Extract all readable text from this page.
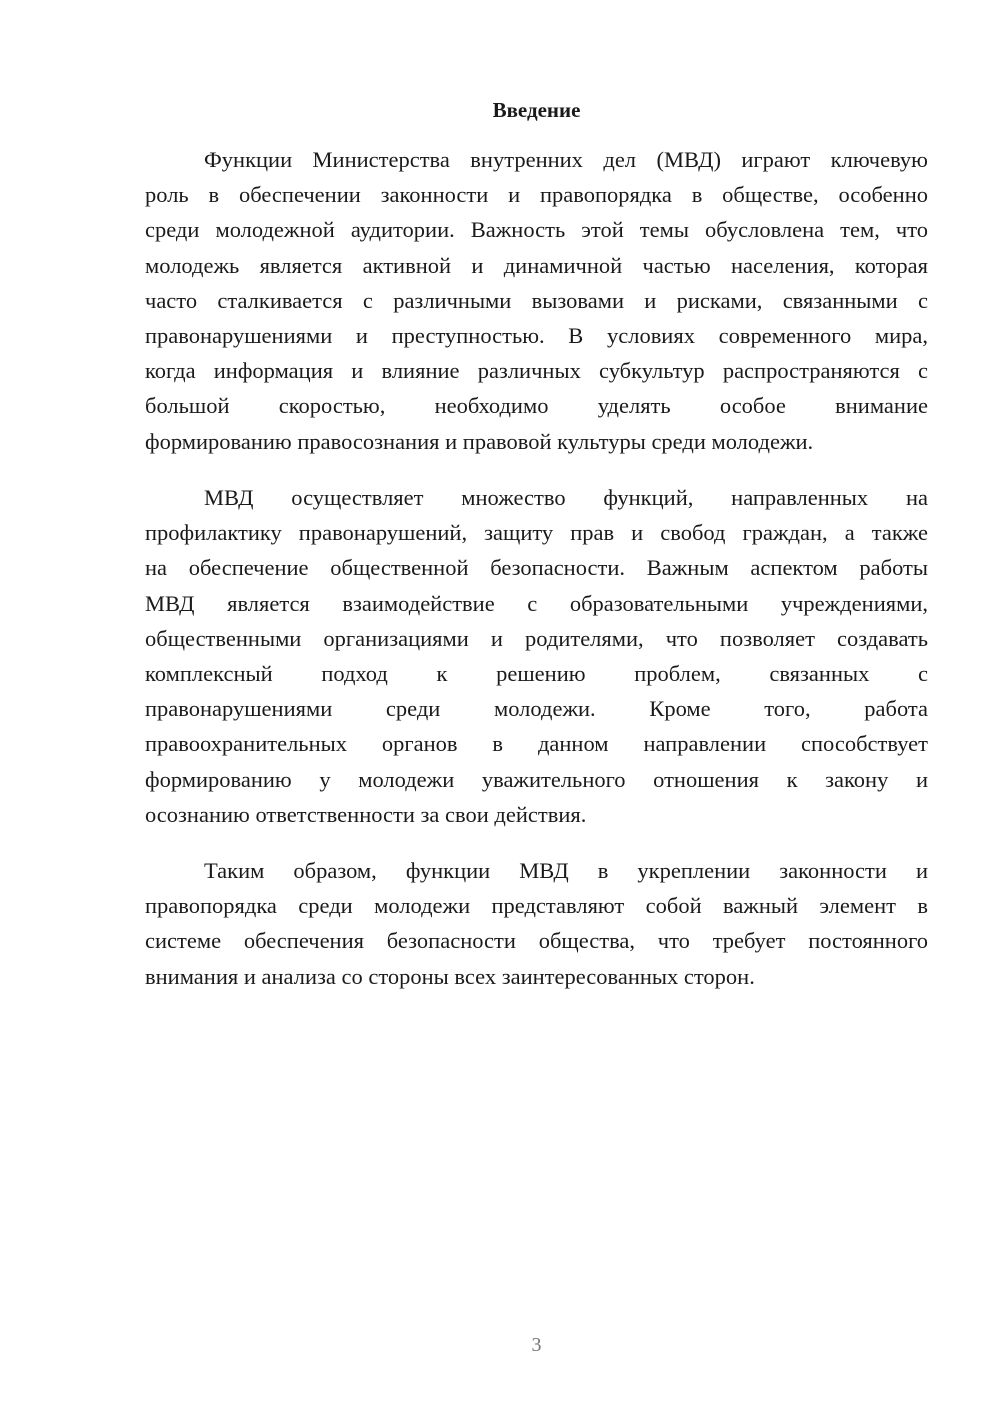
Введение
Функции Министерства внутренних дел (МВД) играют ключевую
роль в обеспечении законности и правопорядка в обществе, особенно
среди молодежной аудитории. Важность этой темы обусловлена тем, что
молодежь является активной и динамичной частью населения, которая
часто сталкивается с различными вызовами и рисками, связанными с
правонарушениями и преступностью. В условиях современного мира,
когда информация и влияние различных субкультур распространяются с
большой скоростью, необходимо уделять особое внимание
формированию правосознания и правовой культуры среди молодежи.
МВД осуществляет множество функций, направленных на
профилактику правонарушений, защиту прав и свобод граждан, а также
на обеспечение общественной безопасности. Важным аспектом работы
МВД является взаимодействие с образовательными учреждениями,
общественными организациями и родителями, что позволяет создавать
комплексный подход к решению проблем, связанных с
правонарушениями среди молодежи. Кроме того, работа
правоохранительных органов в данном направлении способствует
формированию у молодежи уважительного отношения к закону и
осознанию ответственности за свои действия.
Таким образом, функции МВД в укреплении законности и
правопорядка среди молодежи представляют собой важный элемент в
системе обеспечения безопасности общества, что требует постоянного
внимания и анализа со стороны всех заинтересованных сторон.
3
